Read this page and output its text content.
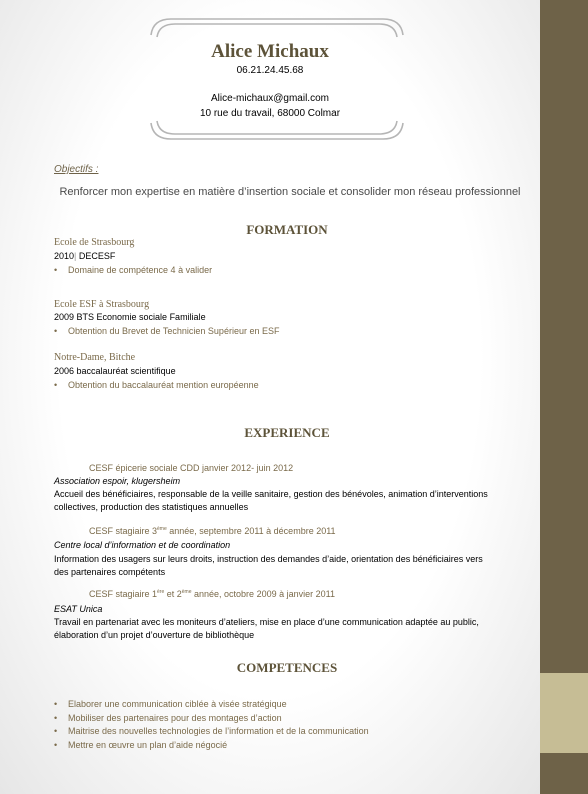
Alice Michaux
06.21.24.45.68
Alice-michaux@gmail.com
10 rue du travail, 68000 Colmar
Objectifs :
Renforcer mon expertise en matière d’insertion sociale et consolider mon réseau professionnel
FORMATION
Ecole de Strasbourg
2010| DECESF
• Domaine de compétence 4 à valider
Ecole ESF à Strasbourg
2009 BTS Economie sociale Familiale
• Obtention du Brevet de Technicien Supérieur en ESF
Notre-Dame, Bitche
2006 baccalauréat scientifique
• Obtention du baccalauréat mention européenne
EXPERIENCE
CESF épicerie sociale CDD janvier 2012- juin 2012
Association espoir, klugersheim
Accueil des bénéficiaires, responsable de la veille sanitaire, gestion des bénévoles, animation d’interventions
collectives, production des statistiques annuelles
CESF stagiaire 3ème année, septembre 2011 à décembre 2011
Centre local d’information et de coordination
Information des usagers sur leurs droits, instruction des demandes d’aide, orientation des bénéficiaires vers
des partenaires compétents
CESF stagiaire 1ère et 2ème année, octobre 2009 à janvier 2011
ESAT Unica
Travail en partenariat avec les moniteurs d’ateliers, mise en place d’une communication adaptée au public,
élaboration d’un projet d’ouverture de bibliothèque
COMPETENCES
• Elaborer une communication ciblée à visée stratégique
• Mobiliser des partenaires pour des montages d’action
• Maitrise des nouvelles technologies de l’information et de la communication
• Mettre en œuvre un plan d’aide négocié
